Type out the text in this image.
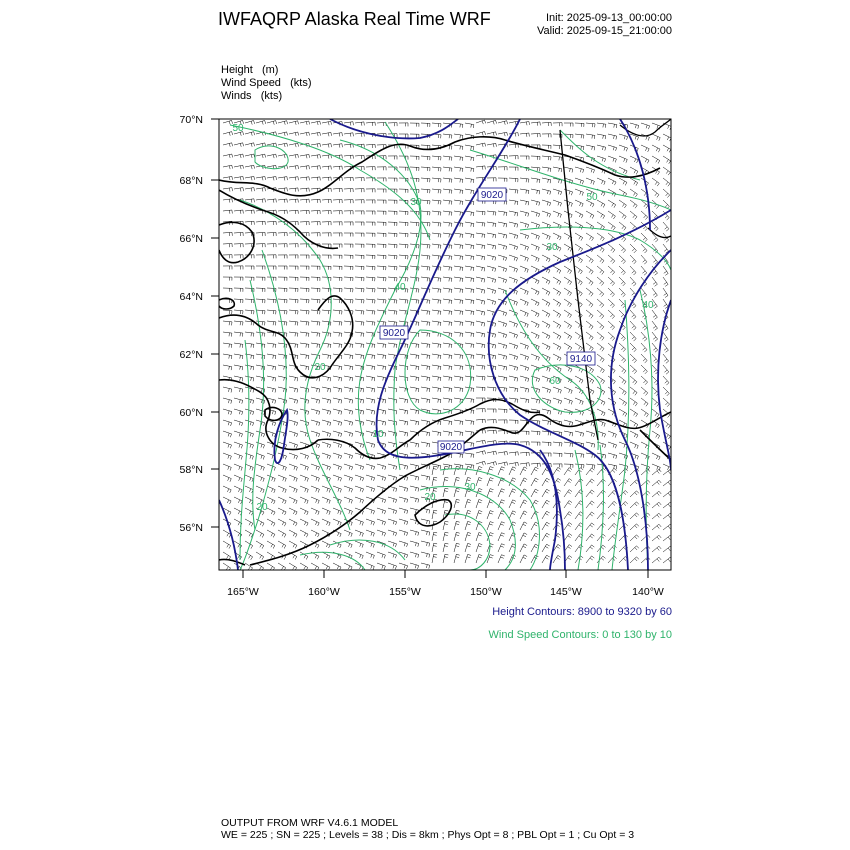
IWFAQRP Alaska Real Time WRF	Init: 2025-09-13_00:00:00
Valid: 2025-09-15_21:00:00
Height (m)
Wind Speed (kts)
Winds (kts)
9020
9020
9140
9020
50
30
20
40
10
20
50
30
40
60
30
20
70°N
68°N
66°N
64°N
62°N
60°N
58°N
56°N
165°W	160°W	155°W	150°W	145°W	140°W
Height Contours: 8900 to 9320 by 60
Wind Speed Contours: 0 to 130 by 10
OUTPUT FROM WRF V4.6.1 MODEL
WE = 225 ; SN = 225 ; Levels = 38 ; Dis = 8km ; Phys Opt = 8 ; PBL Opt = 1 ; Cu Opt = 3
